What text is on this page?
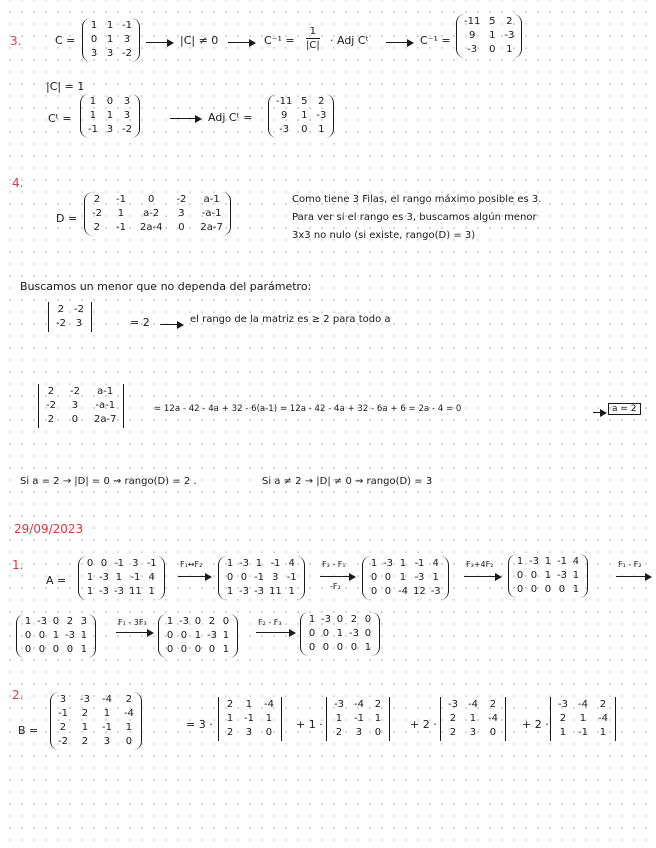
3.	C =
1 1 -1
0 1 3
3 3 -2
|C| ≠ 0	$C^{-1} = \frac{1}{|C|}$ · Adj Cᵗ	C⁻¹ =
-11 5 2
9	1 -3
-3	0 1
|C| = 1
Cᵗ =
1 0 3
1 1 3
-1 3 -2
Adj Cᵗ =
-11 5 2
9	1 -3
-3	0 1
4.
D =
2 -1	0	-2	a-1
-2 1	a-2	3 -a-1
2 -1 2a-4 0 2a-7
Como tiene 3 Filas, el rango máximo posible es 3.
Para ver si el rango es 3, buscamos algún menor
3x3 no nulo (si existe, rango(D) = 3)
Buscamos un menor que no dependa del parámetro:
2 -2
-2 3	= 2	el rango de la matriz es ≥ 2 para todo a
2 -2	a-1
-2 3 -a-1
2 0 2a-7
= 12a - 42 - 4a + 32 - 6(a-1) = 12a - 42 - 4a + 32 - 6a + 6 = 2a - 4 = 0	a = 2
Si a = 2 → |D| = 0 ⇝ rango(D) = 2 .	Si a ≠ 2 → |D| ≠ 0 ⇝ rango(D) = 3
29/09/2023
1.
A =
0 0 -1 3 -1
1 -3 1 -1 4
1 -3 -3 11 1
F₁↔F₂ 1 -3 1 -1 4
0 0 -1 3 -1
1 -3 -3 11 1
F₃ - F₁
-F₂
1 -3 1 -1 4
0 0 1 -3 1
0 0 -4 12 -3
F₃+4F₂ 1 -3 1 -1 4
0 0 1 -3 1
0 0 0 0 1
F₁ - F₂
1 -3 0 2 3
0 0 1 -3 1
0 0 0 0 1
F₁ - 3F₃ 1 -3 0 2 0
0 0 1 -3 1
0 0 0 0 1
F₂ - F₃	1 -3 0 2 0
0 0 1 -3 0
0 0 0 0 1
2.
B =
3 -3 -4 2
-1 2 1 -4
2 1 -1 1
-2 2 3 0
= 3 ·
2 1 -4
1 -1 1
2 3 0
+ 1 ·
-3 -4 2
1 -1 1
2 3 0
+ 2 ·
-3 -4 2
2 1 -4
2 3 0
+ 2 ·
-3 -4 2
2 1 -4
1 -1 1
